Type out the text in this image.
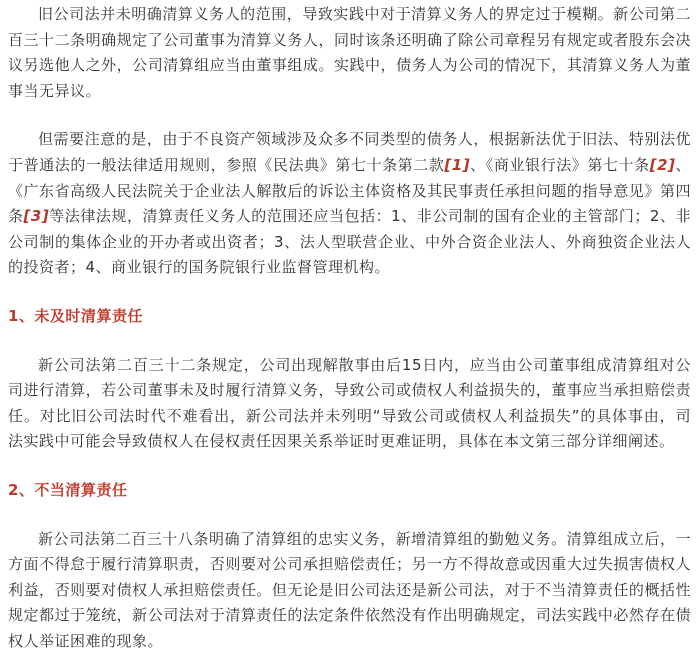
旧公司法并未明确清算义务人的范围，导致实践中对于清算义务人的界定过于模糊。新公司第二百三十二条明确规定了公司董事为清算义务人，同时该条还明确了除公司章程另有规定或者股东会决议另选他人之外，公司清算组应当由董事组成。实践中，债务人为公司的情况下，其清算义务人为董事当无异议。

但需要注意的是，由于不良资产领域涉及众多不同类型的债务人，根据新法优于旧法、特别法优于普通法的一般法律适用规则，参照《民法典》第七十条第二款[1]、《商业银行法》第七十条[2]、《广东省高级人民法院关于企业法人解散后的诉讼主体资格及其民事责任承担问题的指导意见》第四条[3]等法律法规，清算责任义务人的范围还应当包括：1、非公司制的国有企业的主管部门；2、非公司制的集体企业的开办者或出资者；3、法人型联营企业、中外合资企业法人、外商独资企业法人的投资者；4、商业银行的国务院银行业监督管理机构。

1、未及时清算责任

新公司法第二百三十二条规定，公司出现解散事由后15日内，应当由公司董事组成清算组对公司进行清算，若公司董事未及时履行清算义务，导致公司或债权人利益损失的，董事应当承担赔偿责任。对比旧公司法时代不难看出，新公司法并未列明“导致公司或债权人利益损失”的具体事由，司法实践中可能会导致债权人在侵权责任因果关系举证时更难证明，具体在本文第三部分详细阐述。

2、不当清算责任

新公司法第二百三十八条明确了清算组的忠实义务，新增清算组的勤勉义务。清算组成立后，一方面不得怠于履行清算职责，否则要对公司承担赔偿责任；另一方不得故意或因重大过失损害债权人利益，否则要对债权人承担赔偿责任。但无论是旧公司法还是新公司法，对于不当清算责任的概括性规定都过于笼统，新公司法对于清算责任的法定条件依然没有作出明确规定，司法实践中必然存在债权人举证困难的现象。
